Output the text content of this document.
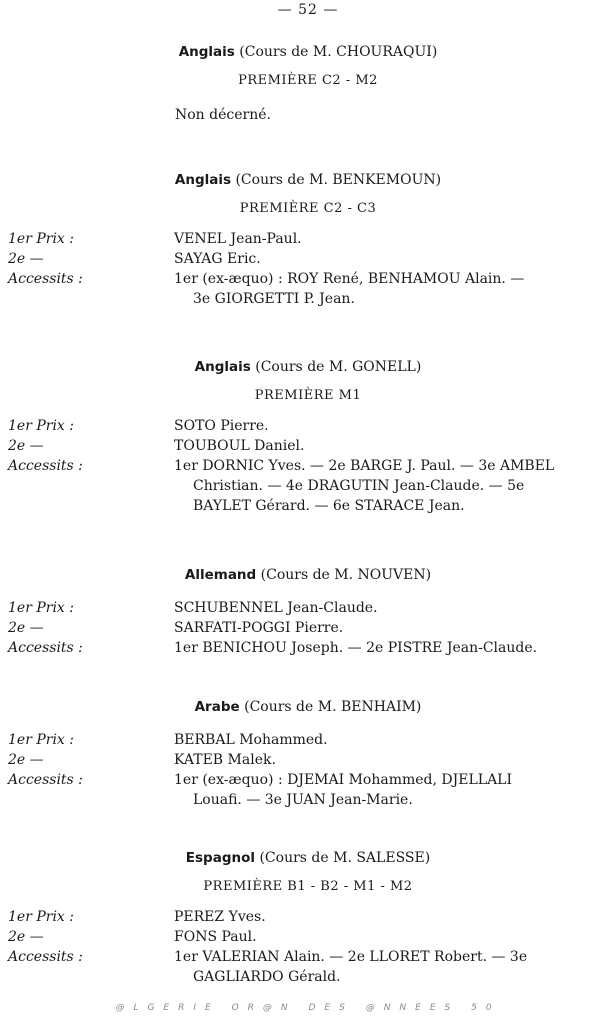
— 52 —
Anglais (Cours de M. CHOURAQUI)
PREMIÈRE C2 - M2
Non décerné.
Anglais (Cours de M. BENKEMOUN)
PREMIÈRE C2 - C3
1er Prix :	VENEL Jean-Paul.
2e —	SAYAG Eric.
Accessits :	1er (ex-æquo) : ROY René, BENHAMOU Alain. —
3e GIORGETTI P. Jean.
Anglais (Cours de M. GONELL)
PREMIÈRE M1
1er Prix :	SOTO Pierre.
2e —	TOUBOUL Daniel.
Accessits :	1er DORNIC Yves. — 2e BARGE J. Paul. — 3e AMBEL
Christian. — 4e DRAGUTIN Jean-Claude. — 5e
BAYLET Gérard. — 6e STARACE Jean.
Allemand (Cours de M. NOUVEN)
1er Prix :	SCHUBENNEL Jean-Claude.
2e —	SARFATI-POGGI Pierre.
Accessits :	1er BENICHOU Joseph. — 2e PISTRE Jean-Claude.
Arabe (Cours de M. BENHAIM)
1er Prix :	BERBAL Mohammed.
2e —	KATEB Malek.
Accessits :	1er (ex-æquo) : DJEMAI Mohammed, DJELLALI
Louafi. — 3e JUAN Jean-Marie.
Espagnol (Cours de M. SALESSE)
PREMIÈRE B1 - B2 - M1 - M2
1er Prix :	PEREZ Yves.
2e —	FONS Paul.
Accessits :	1er VALERIAN Alain. — 2e LLORET Robert. — 3e
GAGLIARDO Gérald.
@LGERIE OR@N DES @NNEES 50
